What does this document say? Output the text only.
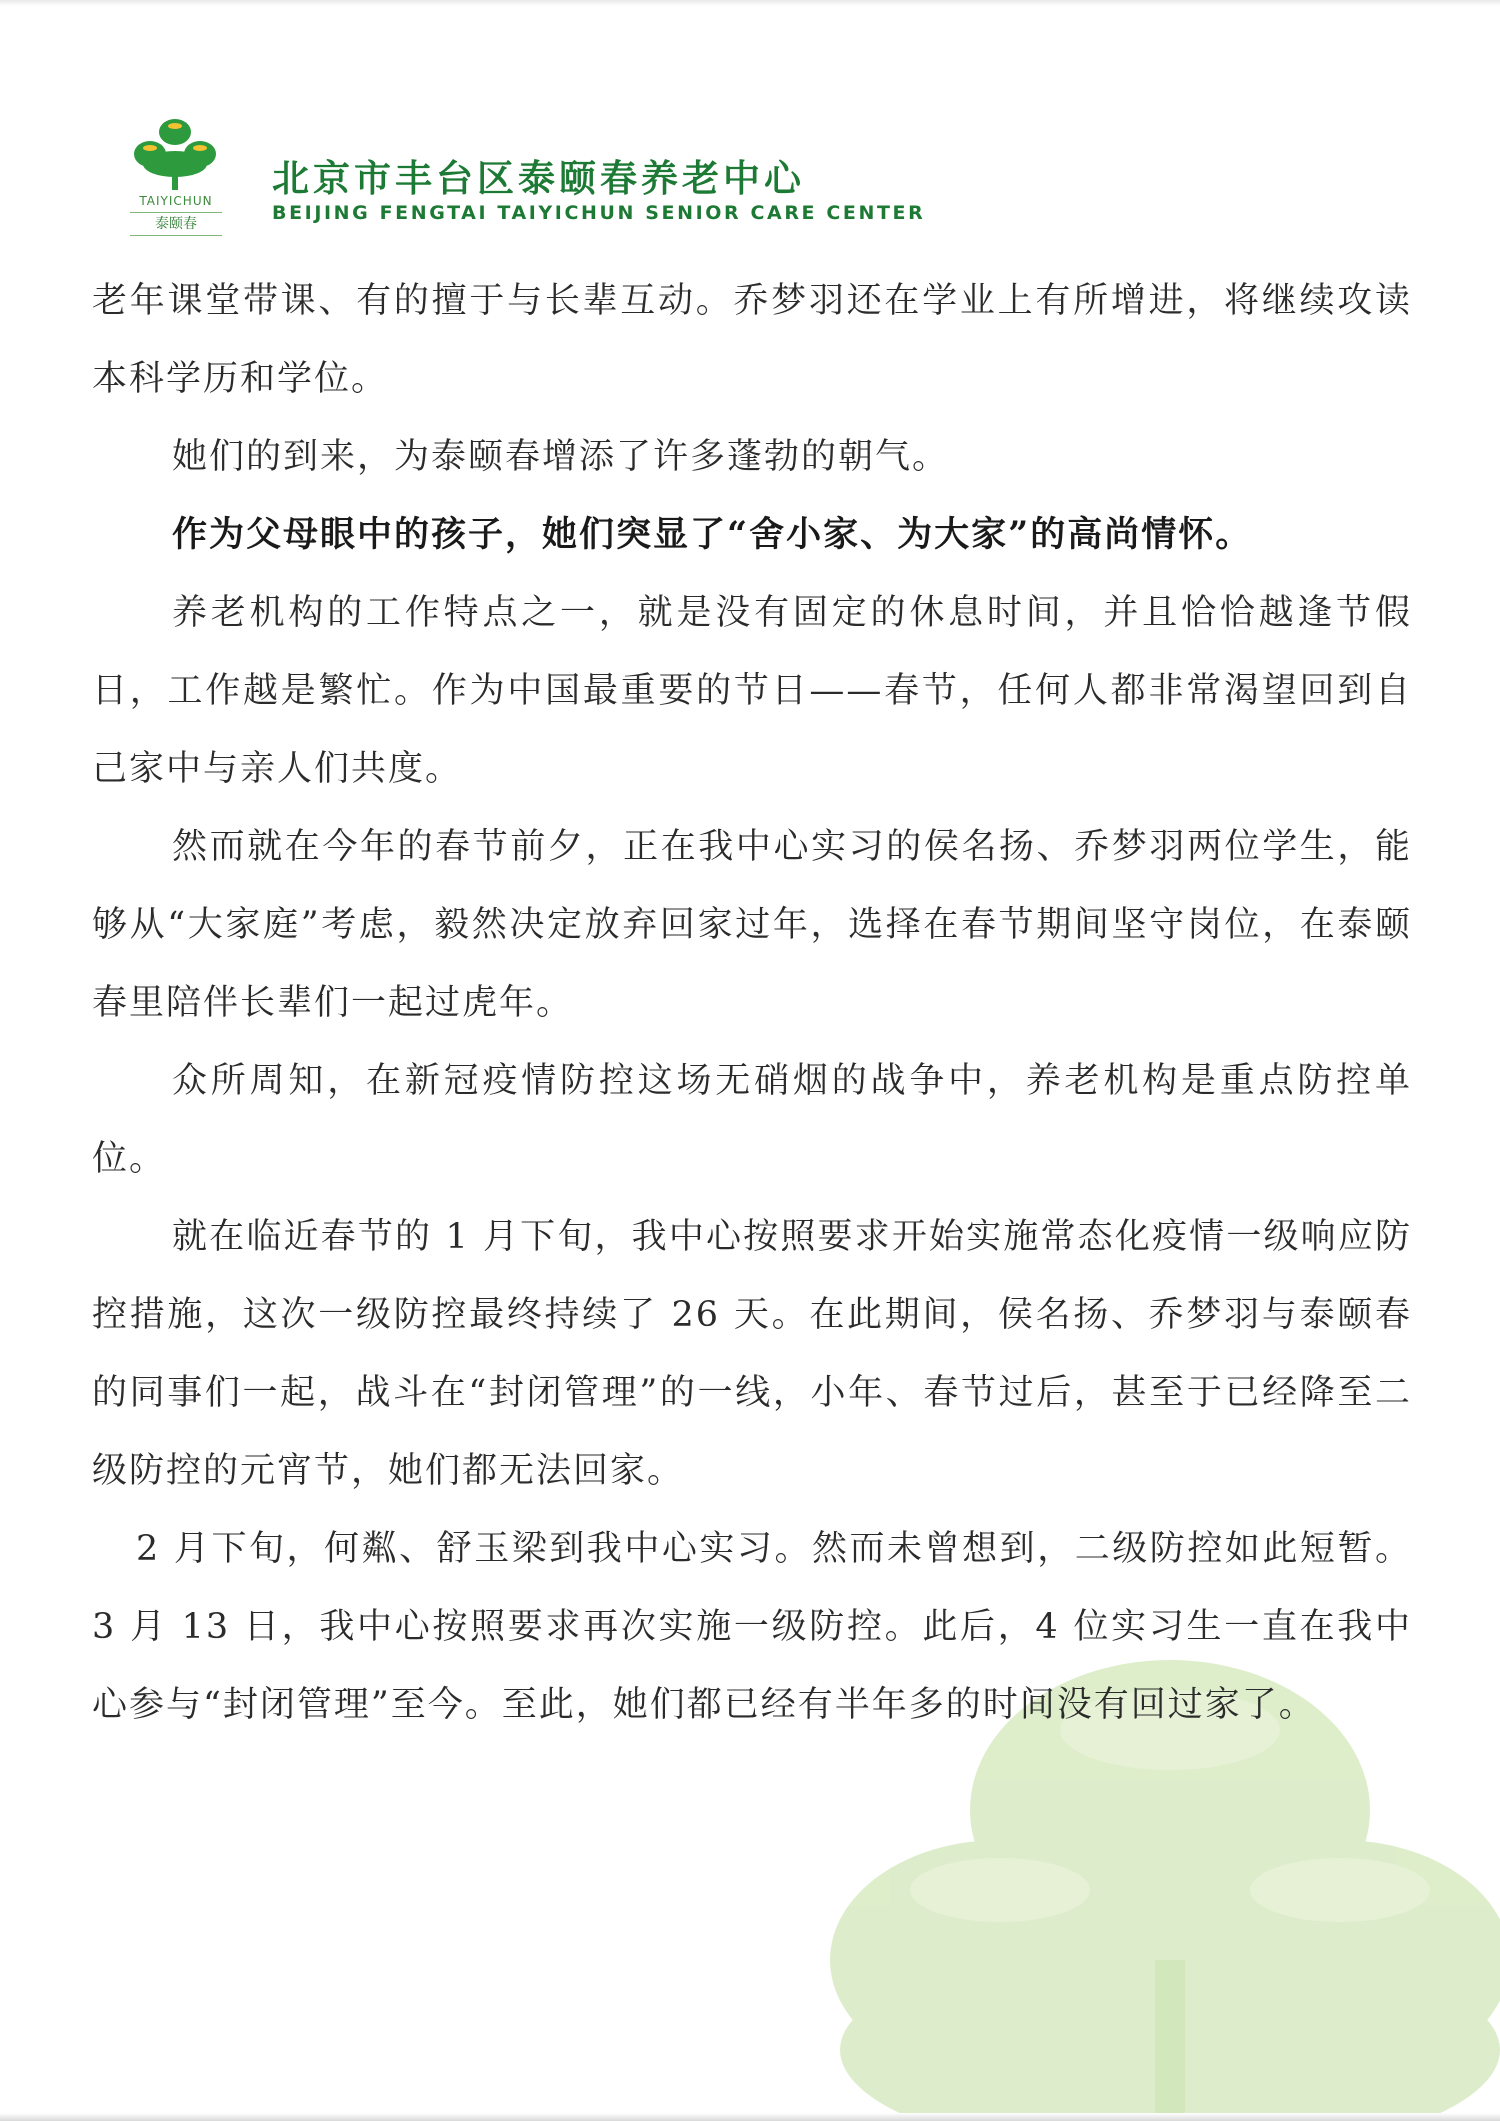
TAIYICHUN
泰颐春
北京市丰台区泰颐春养老中心
BEIJING FENGTAI TAIYICHUN SENIOR CARE CENTER

老年课堂带课、有的擅于与长辈互动。乔梦羽还在学业上有所增进，将继续攻读本科学历和学位。

她们的到来，为泰颐春增添了许多蓬勃的朝气。

作为父母眼中的孩子，她们突显了“舍小家、为大家”的高尚情怀。

养老机构的工作特点之一，就是没有固定的休息时间，并且恰恰越逢节假日，工作越是繁忙。作为中国最重要的节日——春节，任何人都非常渴望回到自己家中与亲人们共度。

然而就在今年的春节前夕，正在我中心实习的侯名扬、乔梦羽两位学生，能够从“大家庭”考虑，毅然决定放弃回家过年，选择在春节期间坚守岗位，在泰颐春里陪伴长辈们一起过虎年。

众所周知，在新冠疫情防控这场无硝烟的战争中，养老机构是重点防控单位。

就在临近春节的 1 月下旬，我中心按照要求开始实施常态化疫情一级响应防控措施，这次一级防控最终持续了 26 天。在此期间，侯名扬、乔梦羽与泰颐春的同事们一起，战斗在“封闭管理”的一线，小年、春节过后，甚至于已经降至二级防控的元宵节，她们都无法回家。

2 月下旬，何粼、舒玉梁到我中心实习。然而未曾想到，二级防控如此短暂。3 月 13 日，我中心按照要求再次实施一级防控。此后，4 位实习生一直在我中心参与“封闭管理”至今。至此，她们都已经有半年多的时间没有回过家了。
